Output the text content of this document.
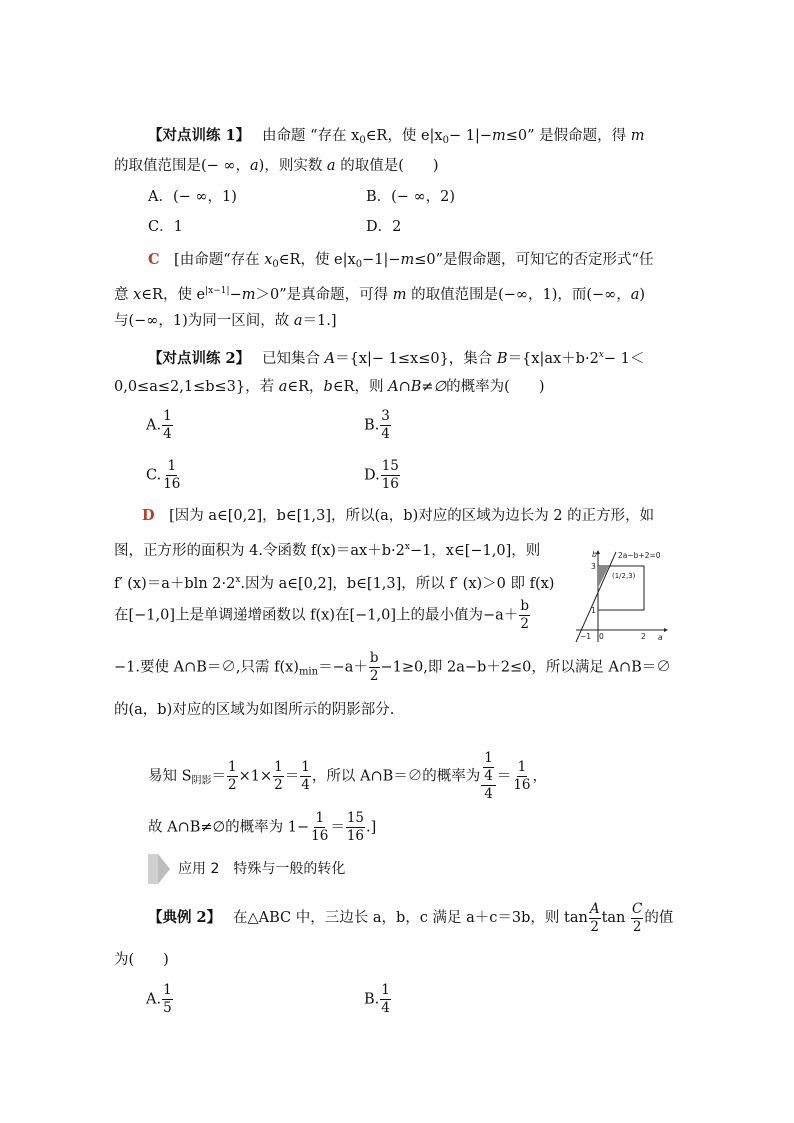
【对点训练 1】　 由命题 “存在 $x_0\in R$，使 $e|x_0- 1|-m\le 0$” 是假命题，得 m
的取值范围是(− ∞，a)，则实数 a 的取值是(　　)
A．(− ∞，1)	B．(− ∞，2)
C．1	D．2
C　 [由命题“存在 $x_0\in R$，使 $e|x_0-1|-m\le 0$”是假命题，可知它的否定形式“任
意 x∈R，使 $e^{|x-1|}-m>0$”是真命题，可得 m 的取值范围是(−∞，1)，而(−∞，a)
与(−∞，1)为同一区间，故 a＝1.]
【对点训练 2】　 已知集合 A＝{x|− 1≤x≤0}，集合 $B=\{x|ax+b\cdot 2^x- 1<$
0,0≤a≤2,1≤b≤3}，若 a∈R，b∈R，则 A∩B≠∅的概率为(　　)
A. $\frac{1}{4}$	B. $\frac{3}{4}$
C. $\frac{1}{16}$	D. $\frac{15}{16}$
D　 [因为 a∈[0,2]，b∈[1,3]，所以(a，b)对应的区域为边长为 2 的正方形，如
图，正方形的面积为 4.令函数 $f(x)=ax+b\cdot 2^x-1$，x∈[−1,0]，则
f′ (x)＝a＋bln $2\cdot 2^x$.因为 a∈[0,2]，b∈[1,3]，所以 f′ (x)＞0 即 f(x)
在[−1,0]上是单调递增函数以 f(x)在[−1,0]上的最小值为$-a+ \frac{b}{2}$
−1.要使 A∩B＝∅,只需 $f(x)_{min}=-a+ \frac{b}{2} -1\ge 0$,即 2a−b＋2≤0，所以满足 A∩B＝∅
的(a，b)对应的区域为如图所示的阴影部分.
易知 $S_{阴影}= \frac{1}{2} \times 1\times \frac{1}{2} = \frac{1}{4}$ ，所以 A∩B＝∅的概率为 $\frac{\frac{1}{4}}{4} = \frac{1}{16}$ ，
故 A∩B≠∅的概率为 $1- \frac{1}{16} = \frac{15}{16}$ .]
2a−b+2=0
(1/2,3)
3
1
b
a
2
−1 0
应用 2　 特殊与一般的转化
【典例 2】　 在△ABC 中，三边长 a，b，c 满足 a＋c＝3b，则 $\tan \frac{A}{2}$ $\tan \frac{C}{2}$ 的值
为(　　)
A. $\frac{1}{5}$	B. $\frac{1}{4}$
